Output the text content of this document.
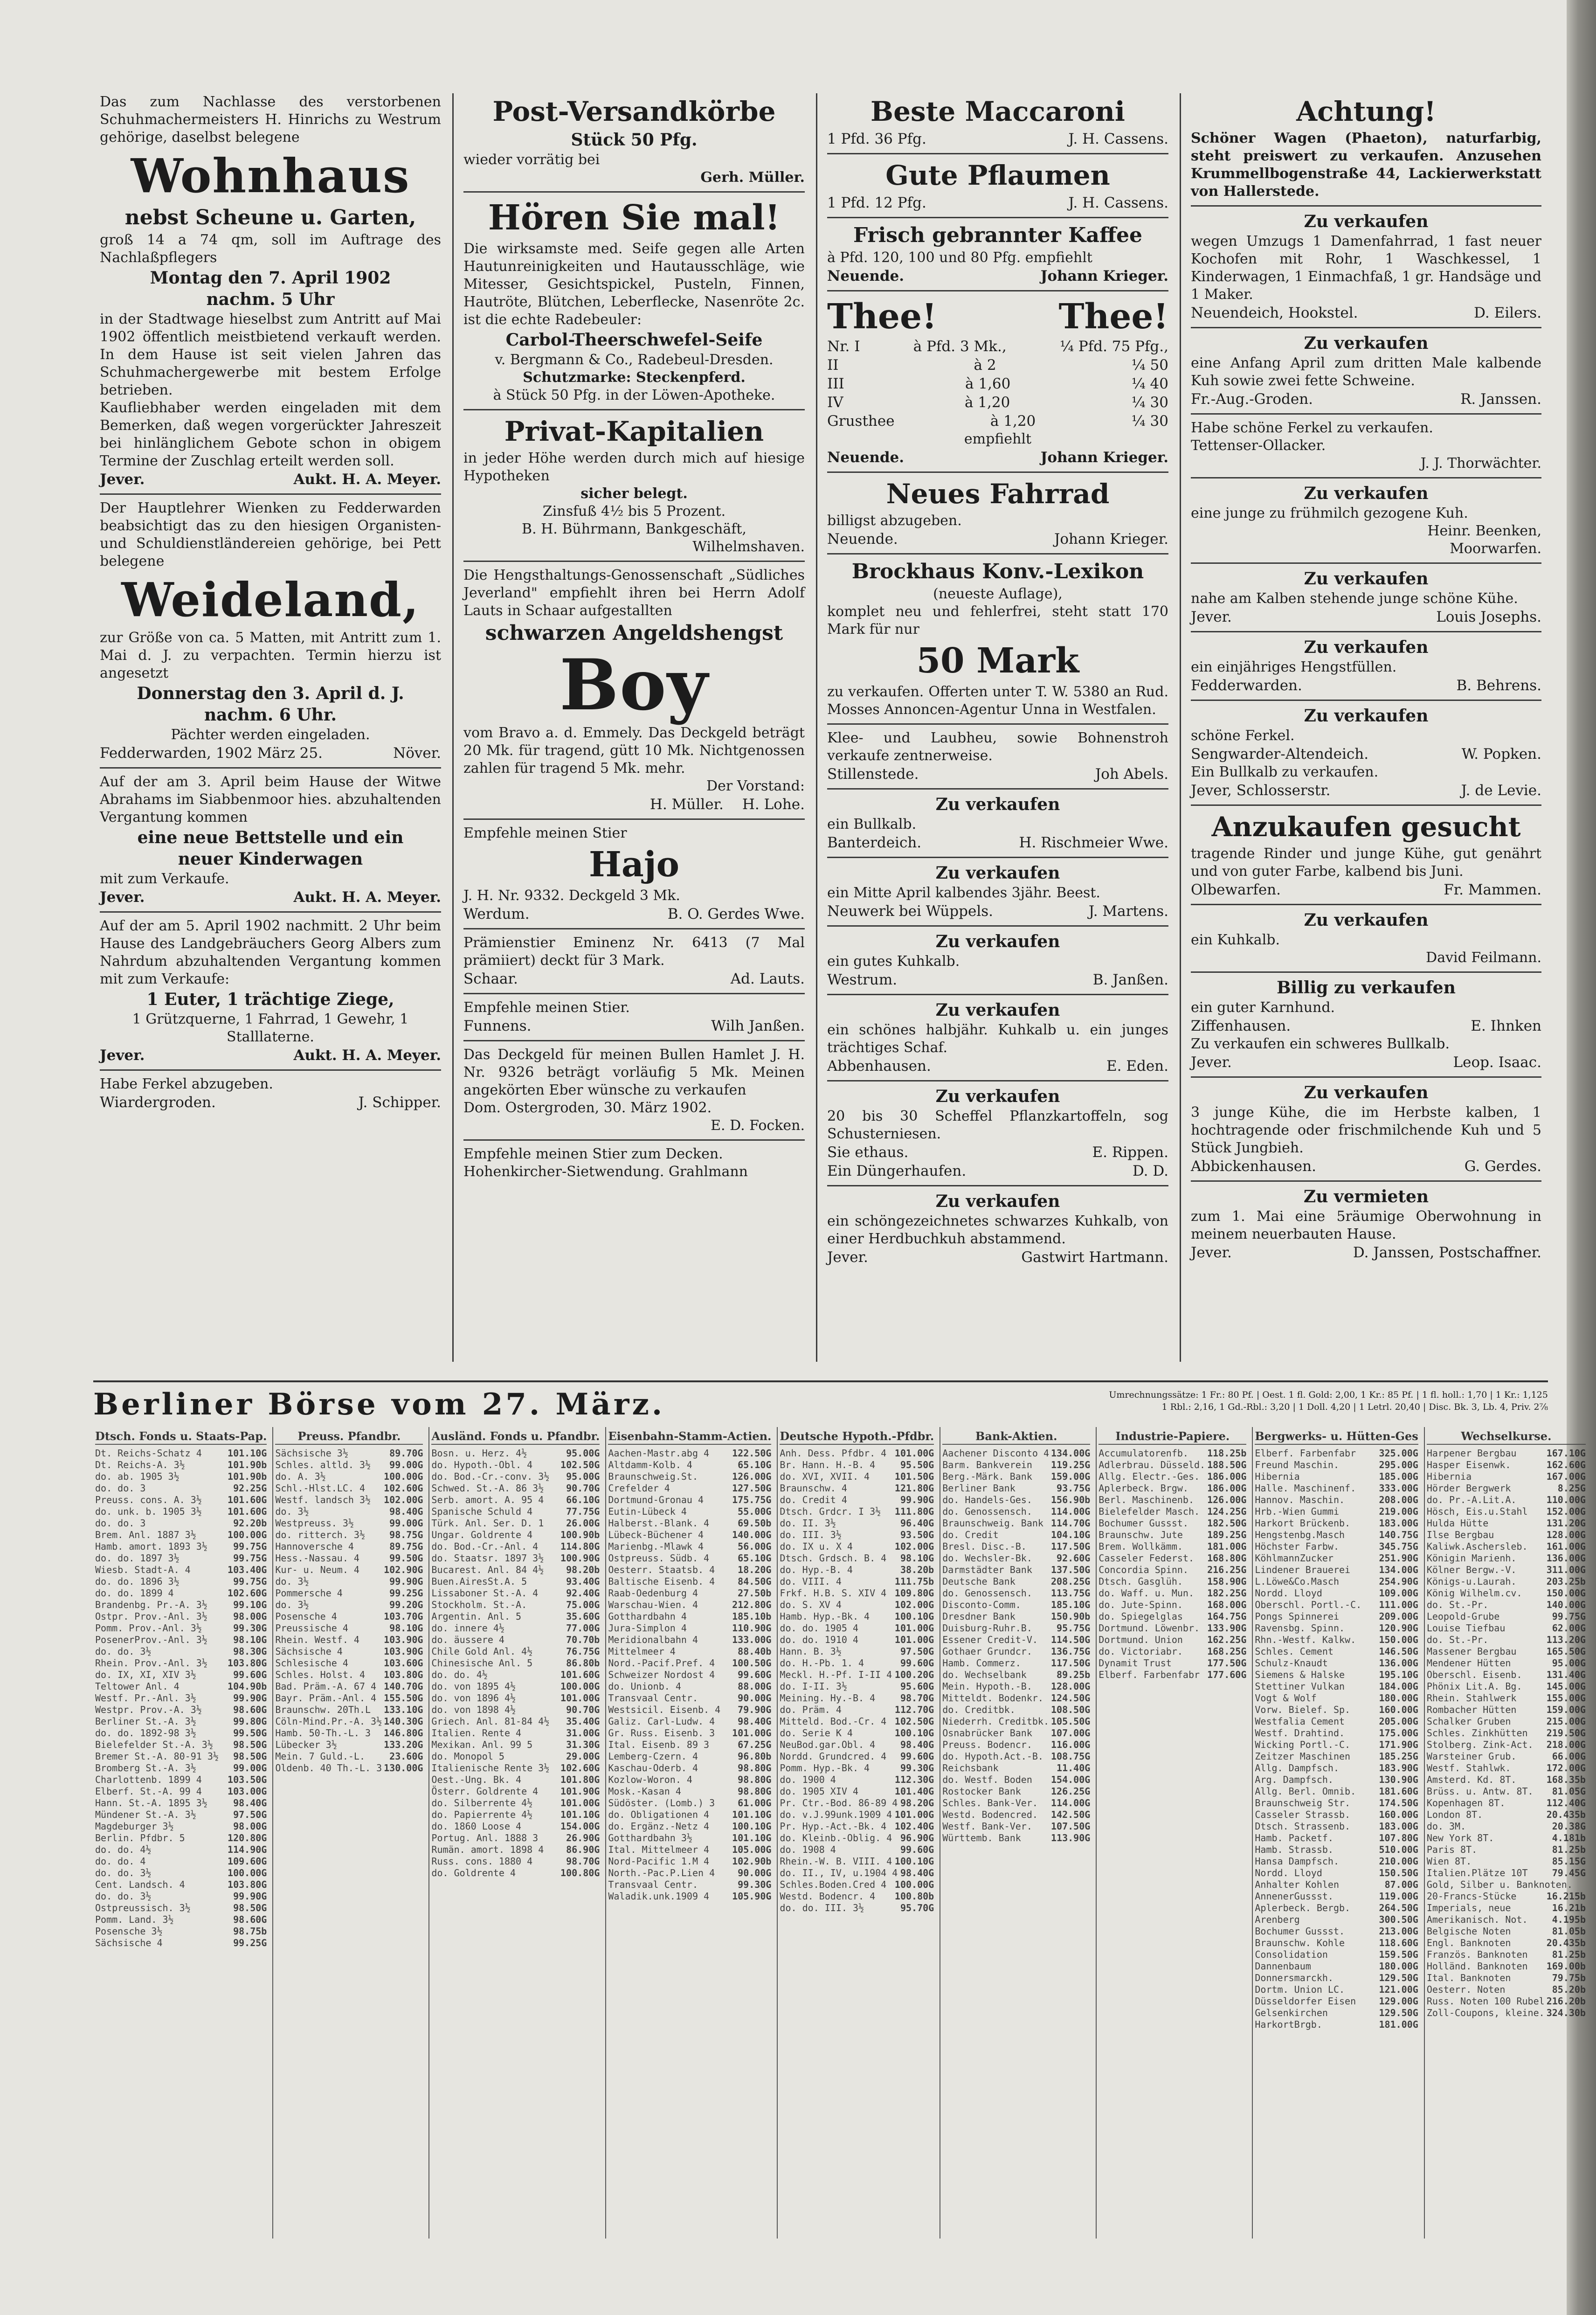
Das zum Nachlasse des verstorbenen Schuhmachermeisters H. Hinrichs zu Westrum gehörige, daselbst belegene

Wohnhaus
nebst Scheune u. Garten,

groß 14 a 74 qm, soll im Auftrage des Nachlaßpflegers

Montag den 7. April 1902
nachm. 5 Uhr

in der Stadtwage hieselbst zum Antritt auf Mai 1902 öffentlich meistbietend verkauft werden. In dem Hause ist seit vielen Jahren das Schuhmachergewerbe mit bestem Erfolge betrieben.

Kaufliebhaber werden eingeladen mit dem Bemerken, daß wegen vorgerückter Jahreszeit bei hinlänglichem Gebote schon in obigem Termine der Zuschlag erteilt werden soll.

Jever.	Aukt. H. A. Meyer.

Der Hauptlehrer Wienken zu Fedderwarden beabsichtigt das zu den hiesigen Organisten- und Schuldienstländereien gehörige, bei Pett belegene

Weideland,

zur Größe von ca. 5 Matten, mit Antritt zum 1. Mai d. J. zu verpachten. Termin hierzu ist angesetzt

Donnerstag den 3. April d. J.
nachm. 6 Uhr.

Pächter werden eingeladen.

Fedderwarden, 1902 März 25.	Növer.

Auf der am 3. April beim Hause der Witwe Abrahams im Siabbenmoor hies. abzuhaltenden Vergantung kommen

eine neue Bettstelle und ein
neuer Kinderwagen

mit zum Verkaufe.

Jever.	Aukt. H. A. Meyer.

Auf der am 5. April 1902 nachmitt. 2 Uhr beim Hause des Landgebräuchers Georg Albers zum Nahrdum abzuhaltenden Vergantung kommen mit zum Verkaufe:

1 Euter, 1 trächtige Ziege,

1 Grützquerne, 1 Fahrrad, 1 Gewehr, 1 Stalllaterne.

Jever.	Aukt. H. A. Meyer.

Habe Ferkel abzugeben.

Wiardergroden.	J. Schipper.
Post-Versandkörbe
Stück 50 Pfg.

wieder vorrätig bei

Gerh. Müller.

Hören Sie mal!

Die wirksamste med. Seife gegen alle Arten Hautunreinigkeiten und Hautausschläge, wie Mitesser, Gesichtspickel, Pusteln, Finnen, Hautröte, Blütchen, Leberflecke, Nasenröte 2c. ist die echte Radebeuler:

Carbol-Theerschwefel-Seife

v. Bergmann & Co., Radebeul-Dresden.

Schutzmarke: Steckenpferd.

à Stück 50 Pfg. in der Löwen-Apotheke.

Privat-Kapitalien

in jeder Höhe werden durch mich auf hiesige Hypotheken

sicher belegt.

Zinsfuß 4½ bis 5 Prozent.

B. H. Bührmann, Bankgeschäft,

Wilhelmshaven.

Die Hengsthaltungs-Genossenschaft „Südliches Jeverland" empfiehlt ihren bei Herrn Adolf Lauts in Schaar aufgestallten

schwarzen Angeldshengst
Boy

vom Bravo a. d. Emmely. Das Deckgeld beträgt 20 Mk. für tragend, gütt 10 Mk. Nichtgenossen zahlen für tragend 5 Mk. mehr.

Der Vorstand:

H. Müller. H. Lohe.

Empfehle meinen Stier

Hajo

J. H. Nr. 9332. Deckgeld 3 Mk.

Werdum.	B. O. Gerdes Wwe.

Prämienstier Eminenz Nr. 6413 (7 Mal prämiiert) deckt für 3 Mark.

Schaar.	Ad. Lauts.

Empfehle meinen Stier.

Funnens.	Wilh Janßen.

Das Deckgeld für meinen Bullen Hamlet J. H. Nr. 9326 beträgt vorläufig 5 Mk. Meinen angekörten Eber wünsche zu verkaufen

Dom. Ostergroden, 30. März 1902.

E. D. Focken.

Empfehle meinen Stier zum Decken.

Hohenkircher-Sietwendung. Grahlmann

Beste Maccaroni
1 Pfd. 36 Pfg.	J. H. Cassens.
Gute Pflaumen
1 Pfd. 12 Pfg.	J. H. Cassens.
Frisch gebrannter Kaffee

à Pfd. 120, 100 und 80 Pfg. empfiehlt

Neuende.	Johann Krieger.
Thee!	Thee!
Nr. I	à Pfd. 3 Mk.,	¼ Pfd. 75 Pfg.,
II	à 2	¼ 50
III	à 1,60	¼ 40
IV	à 1,20	¼ 30
Grusthee	à 1,20	¼ 30

empfiehlt

Neuende.	Johann Krieger.
Neues Fahrrad

billigst abzugeben.

Neuende.	Johann Krieger.
Brockhaus Konv.-Lexikon

(neueste Auflage),

komplet neu und fehlerfrei, steht statt 170 Mark für nur

50 Mark

zu verkaufen. Offerten unter T. W. 5380 an Rud. Mosses Annoncen-Agentur Unna in Westfalen.

Klee- und Laubheu, sowie Bohnenstroh verkaufe zentnerweise.

Stillenstede.	Joh Abels.
Zu verkaufen

ein Bullkalb.

Banterdeich.	H. Rischmeier Wwe.
Zu verkaufen

ein Mitte April kalbendes 3jähr. Beest.

Neuwerk bei Wüppels.	J. Martens.
Zu verkaufen

ein gutes Kuhkalb.

Westrum.	B. Janßen.
Zu verkaufen

ein schönes halbjähr. Kuhkalb u. ein junges trächtiges Schaf.

Abbenhausen.	E. Eden.
Zu verkaufen

20 bis 30 Scheffel Pflanzkartoffeln, sog Schusterniesen.

Sie ethaus.	E. Rippen.
Ein Düngerhaufen.	D. D.
Zu verkaufen

ein schöngezeichnetes schwarzes Kuhkalb, von einer Herdbuchkuh abstammend.

Jever.	Gastwirt Hartmann.
Achtung!

Schöner Wagen (Phaeton), naturfarbig, steht preiswert zu verkaufen. Anzusehen Krummellbogenstraße 44, Lackierwerkstatt von Hallerstede.

Zu verkaufen

wegen Umzugs 1 Damenfahrrad, 1 fast neuer Kochofen mit Rohr, 1 Waschkessel, 1 Kinderwagen, 1 Einmachfaß, 1 gr. Handsäge und 1 Maker.

Neuendeich, Hookstel.	D. Eilers.
Zu verkaufen

eine Anfang April zum dritten Male kalbende Kuh sowie zwei fette Schweine.

Fr.-Aug.-Groden.	R. Janssen.

Habe schöne Ferkel zu verkaufen.

Tettenser-Ollacker.

J. J. Thorwächter.

Zu verkaufen

eine junge zu frühmilch gezogene Kuh.

Heinr. Beenken,

Moorwarfen.

Zu verkaufen

nahe am Kalben stehende junge schöne Kühe.

Jever.	Louis Josephs.
Zu verkaufen

ein einjähriges Hengstfüllen.

Fedderwarden.	B. Behrens.
Zu verkaufen

schöne Ferkel.

Sengwarder-Altendeich.	W. Popken.

Ein Bullkalb zu verkaufen.

Jever, Schlosserstr.	J. de Levie.
Anzukaufen gesucht

tragende Rinder und junge Kühe, gut genährt und von guter Farbe, kalbend bis Juni.

Olbewarfen.	Fr. Mammen.
Zu verkaufen

ein Kuhkalb.

David Feilmann.

Billig zu verkaufen

ein guter Karnhund.

Ziffenhausen.	E. Ihnken

Zu verkaufen ein schweres Bullkalb.

Jever.	Leop. Isaac.
Zu verkaufen

3 junge Kühe, die im Herbste kalben, 1 hochtragende oder frischmilchende Kuh und 5 Stück Jungbieh.

Abbickenhausen.	G. Gerdes.
Zu vermieten

zum 1. Mai eine 5räumige Oberwohnung in meinem neuerbauten Hause.

Jever.	D. Janssen, Postschaffner.
Berliner Börse vom 27. März.	Umrechnungssätze: 1 Fr.: 80 Pf. | Oest. 1 fl. Gold: 2,00, 1 Kr.: 85 Pf. | 1 fl. holl.: 1,70 | 1 Kr.: 1,125
1 Rbl.: 2,16, 1 Gd.-Rbl.: 3,20 | 1 Doll. 4,20 | 1 Letrl. 20,40 | Disc. Bk. 3, Lb. 4, Priv. 2⅞
Dtsch. Fonds u. Staats-Pap.
Dt. Reichs-Schatz 4	101.10G
Dt. Reichs-A. 3½	101.90b
do. ab. 1905 3½	101.90b
do. do. 3	92.25G
Preuss. cons. A. 3½	101.60G
do. unk. b. 1905 3½	101.60G
do. do. 3	92.20b
Brem. Anl. 1887 3½	100.00G
Hamb. amort. 1893 3½	99.75G
do. do. 1897 3½	99.75G
Wiesb. Stadt-A. 4	103.40G
do. do. 1896 3½	99.75G
do. do. 1899 4	102.60G
Brandenbg. Pr.-A. 3½	99.10G
Ostpr. Prov.-Anl. 3½	98.00G
Pomm. Prov.-Anl. 3½	99.30G
PosenerProv.-Anl. 3½	98.10G
do. do. 3½	98.30G
Rhein. Prov.-Anl. 3½ 103.80G
do. IX, XI, XIV 3½	99.60G
Teltower Anl. 4	104.90b
Westf. Pr.-Anl. 3½	99.90G
Westpr. Prov.-A. 3½	98.60G
Berliner St.-A. 3½	99.80G
do. do. 1892-98 3½	99.50G
Bielefelder St.-A. 3½ 98.50G
Bremer St.-A. 80-91 3½ 98.50G
Bromberg St.-A. 3½	99.00G
Charlottenb. 1899 4	103.50G
Elberf. St.-A. 99 4	103.00G
Hann. St.-A. 1895 3½	98.40G
Mündener St.-A. 3½	97.50G
Magdeburger 3½	98.00G
Berlin. Pfdbr. 5	120.80G
do. do. 4½	114.90G
do. do. 4	109.60G
do. do. 3½	100.00G
Cent. Landsch. 4	103.80G
do. do. 3½	99.90G
Ostpreussisch. 3½	98.50G
Pomm. Land. 3½	98.60G
Posensche 3½	98.75b
Sächsische 4	99.25G
Preuss. Pfandbr.
Sächsische 3½	89.70G
Schles. altld. 3½ 99.00G
do. A. 3½	100.00G
Schl.-Hlst.LC. 4 102.60G
Westf. landsch 3½ 102.00G
do. 3½	98.40G
Westpreuss. 3½	99.00G
do. ritterch. 3½	98.75G
Hannoversche 4	89.75G
Hess.-Nassau. 4	99.50G
Kur- u. Neum. 4	102.90G
do. 3½	99.90G
Pommersche 4	99.25G
do. 3½	99.20G
Posensche 4	103.70G
Preussische 4	98.10G
Rhein. Westf. 4	103.90G
Sächsische 4	103.90G
Schlesische 4	103.60G
Schles. Holst. 4 103.80G
Bad. Präm.-A. 67 4 140.70G
Bayr. Präm.-Anl. 4 155.50G
Braunschw. 20Th.L 133.10G
Cöln-Mind.Pr.-A. 3½ 140.30G
Hamb. 50-Th.-L. 3 146.80G
Lübecker 3½	133.20G
Mein. 7 Guld.-L.	23.60G
Oldenb. 40 Th.-L. 3 130.00G
Ausländ. Fonds u. Pfandbr.
Bosn. u. Herz. 4½	95.00G
do. Hypoth.-Obl. 4	102.50G
do. Bod.-Cr.-conv. 3½ 95.00G
Schwed. St.-A. 86 3½ 90.70G
Serb. amort. A. 95 4 66.10G
Spanische Schuld 4	77.75G
Türk. Anl. Ser. D. 1 26.00G
Ungar. Goldrente 4	100.90b
do. Bod.-Cr.-Anl. 4 114.80G
do. Staatsr. 1897 3½ 100.90G
Bucarest. Anl. 84 4½ 98.20b
Buen.AiresSt.A. 5	93.40G
Lissaboner St.-A. 4	92.40G
Stockholm. St.-A.	75.00G
Argentin. Anl. 5	35.60G
do. innere 4½	77.00G
do. äussere 4	70.70b
Chile Gold Anl. 4½	76.75G
Chinesische Anl. 5	86.80b
do. do. 4½	101.60G
do. von 1895 4½	100.00G
do. von 1896 4½	101.00G
do. von 1898 4½	90.70G
Griech. Anl. 81-84 4½ 35.40G
Italien. Rente 4	31.00G
Mexikan. Anl. 99 5	31.30G
do. Monopol 5	29.00G
Italienische Rente 3½ 102.60G
Oest.-Ung. Bk. 4	101.80G
Österr. Goldrente 4 101.90G
do. Silberrente 4½	101.00G
do. Papierrente 4½	101.10G
do. 1860 Loose 4	154.00G
Portug. Anl. 1888 3	26.90G
Rumän. amort. 1898 4 86.90G
Russ. cons. 1880 4	98.70G
do. Goldrente 4	100.80G
Eisenbahn-Stamm-Actien.
Aachen-Mastr.abg 4 122.50G
Altdamm-Kolb. 4	65.10G
Braunschweig.St.	126.00G
Crefelder 4	127.50G
Dortmund-Gronau 4	175.75G
Eutin-Lübeck 4	55.00G
Halberst.-Blank. 4	69.50b
Lübeck-Büchener 4	140.00G
Marienbg.-Mlawk 4	56.00G
Ostpreuss. Südb. 4	65.10G
Oesterr. Staatsb. 4 18.20G
Baltische Eisenb. 4 84.50G
Raab-Oedenburg 4	27.50b
Warschau-Wien. 4	212.80G
Gotthardbahn 4	185.10b
Jura-Simplon 4	110.90G
Meridionalbahn 4	133.00G
Mittelmeer 4	88.40b
Nord.-Pacif.Pref. 4 100.50G
Schweizer Nordost 4 99.60G
do. Unionb. 4	88.00G
Transvaal Centr.	90.00G
Westsicil. Eisenb. 4 79.90G
Galiz. Carl-Ludw. 4 98.40G
Gr. Russ. Eisenb. 3 101.00G
Ital. Eisenb. 89 3	67.25G
Lemberg-Czern. 4	96.80b
Kaschau-Oderb. 4	98.80G
Kozlow-Woron. 4	98.80G
Mosk.-Kasan 4	98.80G
Südöster. (Lomb.) 3 61.00G
do. Obligationen 4 101.10G
do. Ergänz.-Netz 4 100.10G
Gotthardbahn 3½	101.10G
Ital. Mittelmeer 4 105.00G
Nord-Pacific 1.M 4 102.90b
North.-Pac.P.Lien 4 90.00G
Transvaal Centr.	99.30G
Waladik.unk.1909 4 105.90G
Deutsche Hypoth.-Pfdbr.
Anh. Dess. Pfdbr. 4 101.00G
Br. Hann. H.-B. 4	95.50G
do. XVI, XVII. 4	101.50G
Braunschw. 4	121.80G
do. Credit 4	99.90G
Dtsch. Grdcr. I 3½ 111.80G
do. II. 3½	96.40G
do. III. 3½	93.50G
do. IX u. X 4	102.00G
Dtsch. Grdsch. B. 4 98.10G
do. Hyp.-B. 4	38.20b
do. VIII. 4	111.75b
Frkf. H.B. S. XIV 4 109.80G
do. S. XV 4	102.00G
Hamb. Hyp.-Bk. 4	100.10G
do. do. 1905 4	101.00G
do. do. 1910 4	101.00G
Hann. B. 3½	97.50G
do. H.-Pb. 1. 4	99.60G
Meckl. H.-Pf. I-II 4 100.20G
do. I-II. 3½	95.60G
Meining. Hy.-B. 4	98.70G
do. Präm. 4	112.70G
Mitteld. Bod.-Cr. 4 102.50G
do. Serie K 4	100.10G
NeuBod.gar.Obl. 4	98.40G
Nordd. Grundcred. 4 99.60G
Pomm. Hyp.-Bk. 4	99.30G
do. 1900 4	112.30G
do. 1905 XIV 4	101.40G
Pr. Ctr.-Bod. 86-89 4 98.20G
do. v.J.99unk.1909 4 101.00G
Pr. Hyp.-Act.-Bk. 4 102.40G
do. Kleinb.-Oblig. 4 96.90G
do. 1908 4	99.60G
Rhein.-W. B. VIII. 4 100.10G
do. II., IV, u.1904 4 98.40G
Schles.Boden.Cred 4 100.00G
Westd. Bodencr. 4 100.80b
do. do. III. 3½	95.70G
Bank-Aktien.
Aachener Disconto 4 134.00G
Barm. Bankverein 119.25G
Berg.-Märk. Bank 159.00G
Berliner Bank	93.75G
do. Handels-Ges. 156.90b
do. Genossensch. 114.00G
Braunschweig. Bank 114.70G
do. Credit	104.10G
Bresl. Disc.-B.	117.50G
do. Wechsler-Bk.	92.60G
Darmstädter Bank 137.50G
Deutsche Bank	208.25G
do. Genossensch. 113.75G
Disconto-Comm.	185.10G
Dresdner Bank	150.90b
Duisburg-Ruhr.B.	95.75G
Essener Credit-V. 114.50G
Gothaer Grundcr. 136.75G
Hamb. Commerz.	117.50G
do. Wechselbank	89.25b
Mein. Hypoth.-B. 128.00G
Mitteldt. Bodenkr. 124.50G
do. Creditbk.	108.50G
Niederrh. Creditbk. 105.50G
Osnabrücker Bank 107.00G
Preuss. Bodencr. 116.00G
do. Hypoth.Act.-B. 108.75G
Reichsbank	11.40G
do. Westf. Boden 154.00G
Rostocker Bank	126.25G
Schles. Bank-Ver. 114.00G
Westd. Bodencred. 142.50G
Westf. Bank-Ver. 107.50G
Württemb. Bank	113.90G
Industrie-Papiere.
Accumulatorenfb. 118.25b
Adlerbrau. Düsseld. 188.50G
Allg. Electr.-Ges. 186.00G
Aplerbeck. Brgw. 186.00G
Berl. Maschinenb. 126.00G
Bielefelder Masch. 124.25G
Bochumer Gussst. 182.50G
Braunschw. Jute	189.25G
Brem. Wollkämm.	181.00G
Casseler Federst. 168.80G
Concordia Spinn. 216.25G
Dtsch. Gasglüh.	158.90G
do. Waff. u. Mun. 182.25G
do. Jute-Spinn.	168.00G
do. Spiegelglas	164.75G
Dortmund. Löwenbr. 133.90G
Dortmund. Union	162.25G
do. Victoriabr.	168.25G
Dynamit Trust	177.50G
Elberf. Farbenfabr 177.60G
Bergwerks- u. Hütten-Ges
Elberf. Farbenfabr 325.00G
Freund Maschin.	295.00G
Hibernia	185.00G
Halle. Maschinenf. 333.00G
Hannov. Maschin.	208.00G
Hrb.-Wien Gummi	219.00G
Harkort Brückenb.	183.00G
Hengstenbg.Masch	140.75G
Höchster Farbw.	345.75G
KöhlmannZucker	251.90G
Lindener Brauerei	134.00G
L.Löwe&Co.Masch	254.90G
Nordd. Lloyd	109.00G
Oberschl. Portl.-C. 111.00G
Pongs Spinnerei	209.00G
Ravensbg. Spinn.	120.90G
Rhn.-Westf. Kalkw. 150.00G
Schles. Cement	146.50G
Schulz-Knaudt	136.00G
Siemens & Halske	195.10G
Stettiner Vulkan	184.00G
Vogt & Wolf	180.00G
Vorw. Bielef. Sp.	160.00G
Westfalia Cement	205.00G
Westf. Drahtind.	175.00G
Wicking Portl.-C.	171.90G
Zeitzer Maschinen	185.25G
Allg. Dampfsch.	183.90G
Arg. Dampfsch.	130.90G
Allg. Berl. Omnib. 181.60G
Braunschweig Str.	174.50G
Casseler Strassb.	160.00G
Dtsch. Strassenb.	183.00G
Hamb. Packetf.	107.80G
Hamb. Strassb.	510.00G
Hansa Dampfsch.	210.00G
Nordd. Lloyd	150.50G
Anhalter Kohlen	87.00G
AnnenerGussst.	119.00G
Aplerbeck. Bergb.	264.50G
Arenberg	300.50G
Bochumer Gussst.	213.00G
Braunschw. Kohle	118.60G
Consolidation	159.50G
Dannenbaum	180.00G
Donnersmarckh.	129.50G
Dortm. Union LC.	121.00G
Düsseldorfer Eisen 129.00G
Gelsenkirchen	129.50G
HarkortBrgb.	181.00G
Wechselkurse.
Harpener Bergbau	167.10G
Hasper Eisenwk.	162.60G
Hibernia	167.00G
Hörder Bergwerk	8.25G
do. Pr.-A.Lit.A.	110.00G
Hösch, Eis.u.Stahl 152.00G
Hulda Hütte	131.20G
Ilse Bergbau	128.00G
Kaliwk.Aschersleb. 161.00G
Königin Marienh.	136.00G
Kölner Bergw.-V.	311.00G
Königs-u.Laurah.	203.25b
König Wilhelm.cv.	150.00G
do. St.-Pr.	140.00G
Leopold-Grube	99.75G
Louise Tiefbau	62.00G
do. St.-Pr.	113.20G
Massener Bergbau	165.50G
Mendener Hütten	95.00G
Oberschl. Eisenb.	131.40G
Phönix Lit.A. Bg.	145.00G
Rhein. Stahlwerk	155.00G
Rombacher Hütten	159.00G
Schalker Gruben	215.00G
Schles. Zinkhütten 219.50G
Stolberg. Zink-Act. 218.00G
Warsteiner Grub.	66.00G
Westf. Stahlwk.	172.00G
Amsterd. Kd. 8T.	168.35b
Brüss. u. Antw. 8T. 81.05G
Kopenhagen 8T.	112.40G
London 8T.	20.435b
do. 3M.	20.38G
New York 8T.	4.181b
Paris 8T.	81.25b
Wien 8T.	85.15G
Italien.Plätze 10T	79.45G
Gold, Silber u. Banknoten.
20-Francs-Stücke	16.215b
Imperials, neue	16.21b
Amerikanisch. Not.	4.195b
Belgische Noten	81.05b
Engl. Banknoten	20.435b
Französ. Banknoten	81.25b
Holländ. Banknoten 169.00b
Ital. Banknoten	79.75b
Oesterr. Noten	85.20b
Russ. Noten 100 Rubel 216.20b
Zoll-Coupons, kleine. 324.30b
